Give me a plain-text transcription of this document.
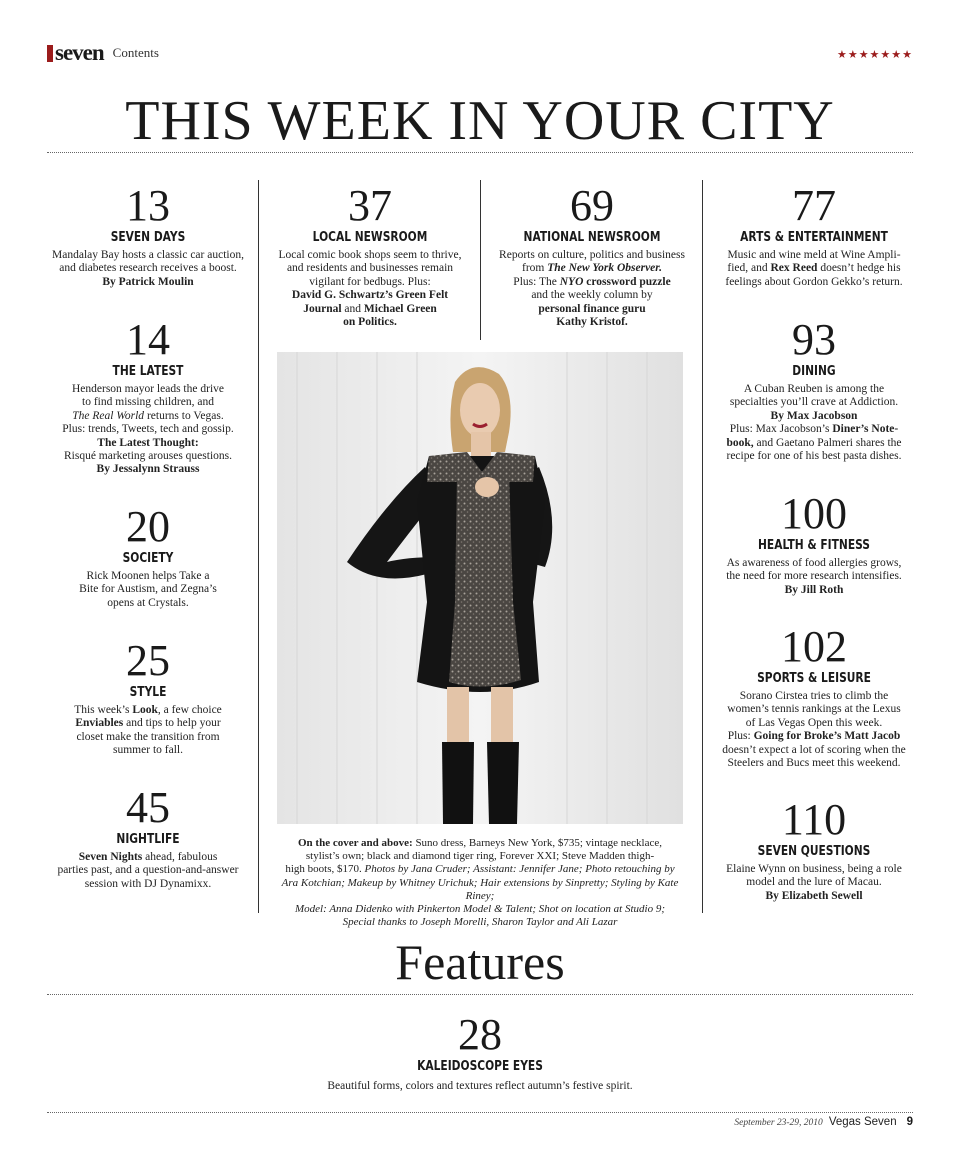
seven Contents	★★★★★★★
THIS WEEK IN YOUR CITY
13
SEVEN DAYS
Mandalay Bay hosts a classic car auction,
and diabetes research receives a boost.
By Patrick Moulin
14
THE LATEST
Henderson mayor leads the drive
to find missing children, and
The Real World returns to Vegas.
Plus: trends, Tweets, tech and gossip.
The Latest Thought:
Risqué marketing arouses questions.
By Jessalynn Strauss
20
SOCIETY
Rick Moonen helps Take a
Bite for Austism, and Zegna’s
opens at Crystals.
25
STYLE
This week’s Look, a few choice
Enviables and tips to help your
closet make the transition from
summer to fall.
45
NIGHTLIFE
Seven Nights ahead, fabulous
parties past, and a question-and-answer
session with DJ Dynamixx.
37
LOCAL NEWSROOM
Local comic book shops seem to thrive,
and residents and businesses remain
vigilant for bedbugs. Plus:
David G. Schwartz’s Green Felt
Journal and Michael Green
on Politics.
69
NATIONAL NEWSROOM
Reports on culture, politics and business
from The New York Observer.
Plus: The NYO crossword puzzle
and the weekly column by
personal finance guru
Kathy Kristof.
77
ARTS & ENTERTAINMENT
Music and wine meld at Wine Ampli-
fied, and Rex Reed doesn’t hedge his
feelings about Gordon Gekko’s return.
93
DINING
A Cuban Reuben is among the
specialties you’ll crave at Addiction.
By Max Jacobson
Plus: Max Jacobson’s Diner’s Note-
book, and Gaetano Palmeri shares the
recipe for one of his best pasta dishes.
100
HEALTH & FITNESS
As awareness of food allergies grows,
the need for more research intensifies.
By Jill Roth
102
SPORTS & LEISURE
Sorano Cirstea tries to climb the
women’s tennis rankings at the Lexus
of Las Vegas Open this week.
Plus: Going for Broke’s Matt Jacob
doesn’t expect a lot of scoring when the
Steelers and Bucs meet this weekend.
110
SEVEN QUESTIONS
Elaine Wynn on business, being a role
model and the lure of Macau.
By Elizabeth Sewell
On the cover and above: Suno dress, Barneys New York, $735; vintage necklace,
stylist’s own; black and diamond tiger ring, Forever XXI; Steve Madden thigh-
high boots, $170. Photos by Jana Cruder; Assistant: Jennifer Jane; Photo retouching by
Ara Kotchian; Makeup by Whitney Urichuk; Hair extensions by Sinpretty; Styling by Kate Riney;
Model: Anna Didenko with Pinkerton Model & Talent; Shot on location at Studio 9;
Special thanks to Joseph Morelli, Sharon Taylor and Ali Lazar
Features
28
KALEIDOSCOPE EYES
Beautiful forms, colors and textures reflect autumn’s festive spirit.
September 23-29, 2010 Vegas Seven 9
